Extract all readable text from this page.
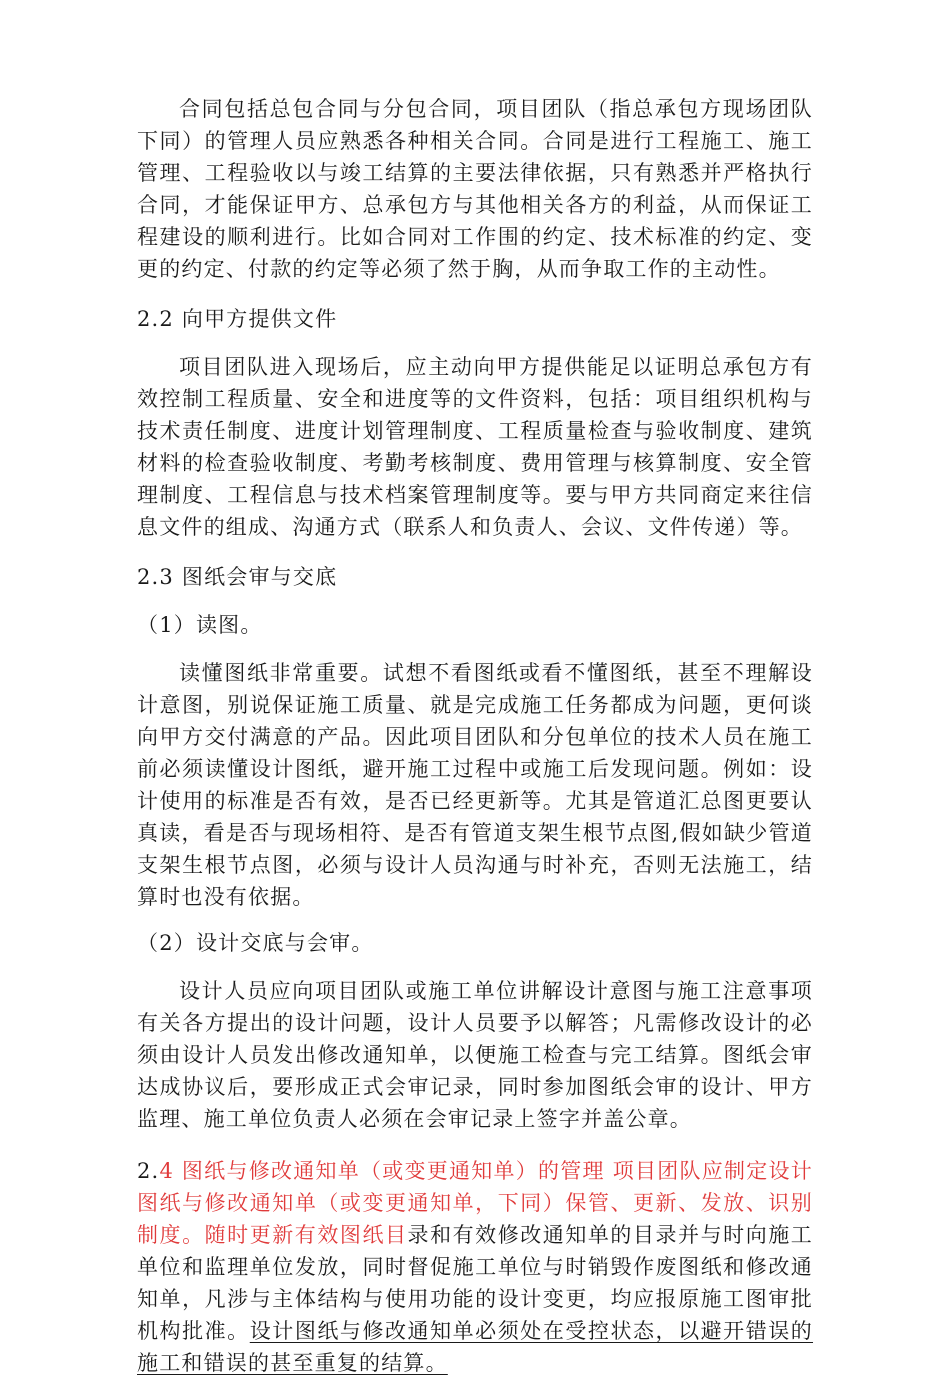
合同包括总包合同与分包合同，项目团队（指总承包方现场团队下同）的管理人员应熟悉各种相关合同。合同是进行工程施工、施工管理、工程验收以与竣工结算的主要法律依据，只有熟悉并严格执行合同，才能保证甲方、总承包方与其他相关各方的利益，从而保证工程建设的顺利进行。比如合同对工作围的约定、技术标准的约定、变更的约定、付款的约定等必须了然于胸，从而争取工作的主动性。

2.2 向甲方提供文件

项目团队进入现场后，应主动向甲方提供能足以证明总承包方有效控制工程质量、安全和进度等的文件资料，包括：项目组织机构与技术责任制度、进度计划管理制度、工程质量检查与验收制度、建筑材料的检查验收制度、考勤考核制度、费用管理与核算制度、安全管理制度、工程信息与技术档案管理制度等。要与甲方共同商定来往信息文件的组成、沟通方式（联系人和负责人、会议、文件传递）等。

2.3 图纸会审与交底

（1）读图。

读懂图纸非常重要。试想不看图纸或看不懂图纸，甚至不理解设计意图，别说保证施工质量、就是完成施工任务都成为问题，更何谈向甲方交付满意的产品。因此项目团队和分包单位的技术人员在施工前必须读懂设计图纸，避开施工过程中或施工后发现问题。例如：设计使用的标准是否有效，是否已经更新等。尤其是管道汇总图更要认真读，看是否与现场相符、是否有管道支架生根节点图,假如缺少管道支架生根节点图，必须与设计人员沟通与时补充，否则无法施工，结算时也没有依据。

（2）设计交底与会审。

设计人员应向项目团队或施工单位讲解设计意图与施工注意事项有关各方提出的设计问题，设计人员要予以解答；凡需修改设计的必须由设计人员发出修改通知单，以便施工检查与完工结算。图纸会审达成协议后，要形成正式会审记录，同时参加图纸会审的设计、甲方监理、施工单位负责人必须在会审记录上签字并盖公章。

2.4 图纸与修改通知单（或变更通知单）的管理 项目团队应制定设计图纸与修改通知单（或变更通知单，下同）保管、更新、发放、识别制度。随时更新有效图纸目录和有效修改通知单的目录并与时向施工单位和监理单位发放，同时督促施工单位与时销毁作废图纸和修改通知单，凡涉与主体结构与使用功能的设计变更，均应报原施工图审批机构批准。设计图纸与修改通知单必须处在受控状态，以避开错误的施工和错误的甚至重复的结算。
